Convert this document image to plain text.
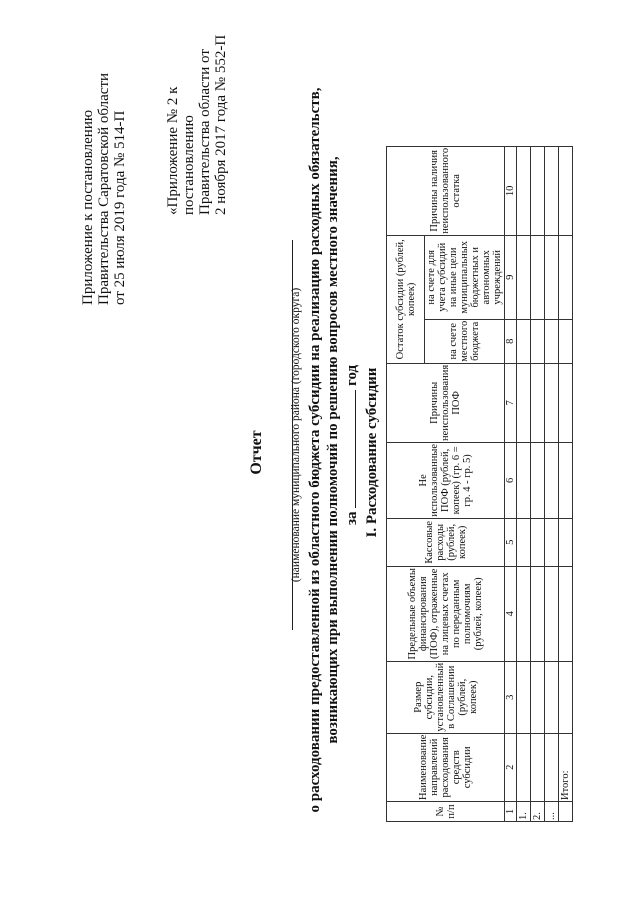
Приложение к постановлению Правительства Саратовской области от 25 июля 2019 года № 514-П «Приложение № 2 к постановлению Правительства области от 2 ноября 2017 года № 552-П
Отчет (наименование муниципального района (городского округа) о расходовании предоставленной из областного бюджета субсидии на реализацию расходных обязательств, возникающих при выполнении полномочий по решению вопросов местного значения, за  год I. Расходование субсидии
№ п/п	Наименование направлений расходования средств субсидии	Размер субсидии, установленный в Соглашении (рублей, копеек)	Предельные объемы финансирования (ПОФ), отраженные на лицевых счетах по переданным полномочиям (рублей, копеек)	Кассовые расходы (рублей, копеек)	Не использованные ПОФ (рублей, копеек) (гр. 6 = гр. 4 - гр. 5)	Причины неиспользования ПОФ	Остаток субсидии (рублей, копеек)		Причины наличия неиспользованного остатка
							на счете местного бюджета	на счете для учета субсидий на иные цели муниципальных бюджетных и автономных учреждений	
1	2	3	4	5	6	7	8	9	10
1.									
2.									
...									
	Итого:								
